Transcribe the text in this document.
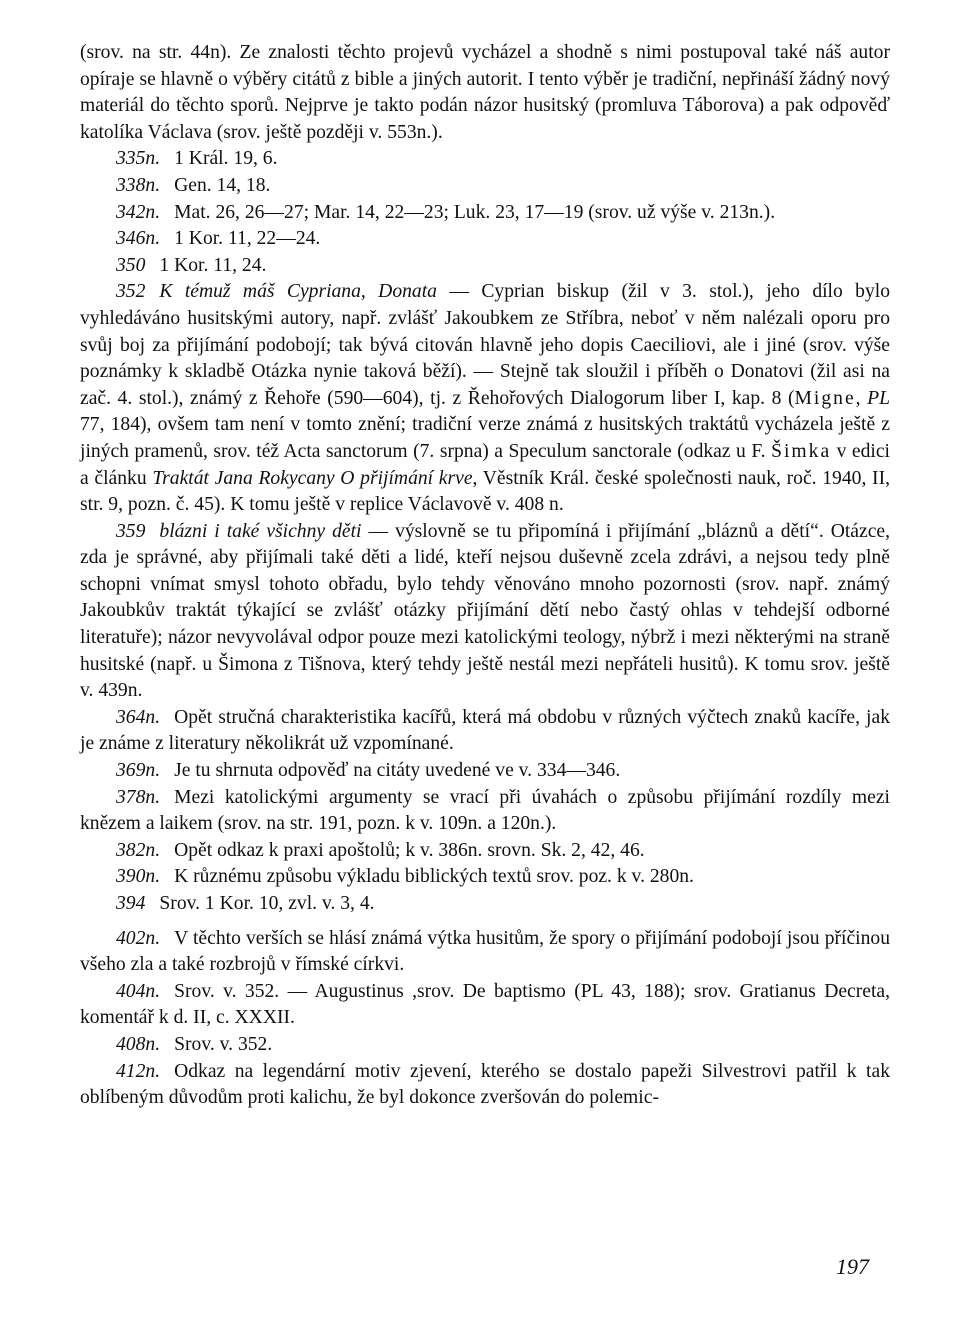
(srov. na str. 44n). Ze znalosti těchto projevů vycházel a shodně s nimi postupoval také náš autor opíraje se hlavně o výběry citátů z bible a jiných autorit. I tento výběr je tradiční, nepřináší žádný nový materiál do těchto sporů. Nejprve je takto podán názor husitský (promluva Táborova) a pak odpověď katolíka Václava (srov. ještě později v. 553n.).

335n. 1 Král. 19, 6.

338n. Gen. 14, 18.

342n. Mat. 26, 26—27; Mar. 14, 22—23; Luk. 23, 17—19 (srov. už výše v. 213n.).

346n. 1 Kor. 11, 22—24.

350 1 Kor. 11, 24.

352 K témuž máš Cypriana, Donata — Cyprian biskup (žil v 3. stol.), jeho dílo bylo vyhledáváno husitskými autory, např. zvlášť Jakoubkem ze Stříbra, neboť v něm nalézali oporu pro svůj boj za přijímání podobojí; tak bývá citován hlavně jeho dopis Caeciliovi, ale i jiné (srov. výše poznámky k skladbě Otázka nynie taková běží). — Stejně tak sloužil i příběh o Donatovi (žil asi na zač. 4. stol.), známý z Řehoře (590—604), tj. z Řehořových Dialogorum liber I, kap. 8 (Migne, PL 77, 184), ovšem tam není v tomto znění; tradiční verze známá z husitských traktátů vycházela ještě z jiných pramenů, srov. též Acta sanctorum (7. srpna) a Speculum sanctorale (odkaz u F. Šimka v edici a článku Traktát Jana Rokycany O přijímání krve, Věstník Král. české společnosti nauk, roč. 1940, II, str. 9, pozn. č. 45). K tomu ještě v replice Václavově v. 408 n.

359 blázni i také všichny děti — výslovně se tu připomíná i přijímání „bláznů a dětí“. Otázce, zda je správné, aby přijímali také děti a lidé, kteří nejsou duševně zcela zdrávi, a nejsou tedy plně schopni vnímat smysl tohoto obřadu, bylo tehdy věnováno mnoho pozornosti (srov. např. známý Jakoubkův traktát týkající se zvlášť otázky přijímání dětí nebo častý ohlas v tehdejší odborné literatuře); názor nevyvolával odpor pouze mezi katolickými teology, nýbrž i mezi některými na straně husitské (např. u Šimona z Tišnova, který tehdy ještě nestál mezi nepřáteli husitů). K tomu srov. ještě v. 439n.

364n. Opět stručná charakteristika kacířů, která má obdobu v různých výčtech znaků kacíře, jak je známe z literatury několikrát už vzpomínané.

369n. Je tu shrnuta odpověď na citáty uvedené ve v. 334—346.

378n. Mezi katolickými argumenty se vrací při úvahách o způsobu přijímání rozdíly mezi knězem a laikem (srov. na str. 191, pozn. k v. 109n. a 120n.).

382n. Opět odkaz k praxi apoštolů; k v. 386n. srovn. Sk. 2, 42, 46.

390n. K různému způsobu výkladu biblických textů srov. poz. k v. 280n.

394 Srov. 1 Kor. 10, zvl. v. 3, 4.

402n. V těchto verších se hlásí známá výtka husitům, že spory o přijímání podobojí jsou příčinou všeho zla a také rozbrojů v římské církvi.

404n. Srov. v. 352. — Augustinus ,srov. De baptismo (PL 43, 188); srov. Gratianus Decreta, komentář k d. II, c. XXXII.

408n. Srov. v. 352.

412n. Odkaz na legendární motiv zjevení, kterého se dostalo papeži Silvestrovi patřil k tak oblíbeným důvodům proti kalichu, že byl dokonce zveršován do polemic-

197
